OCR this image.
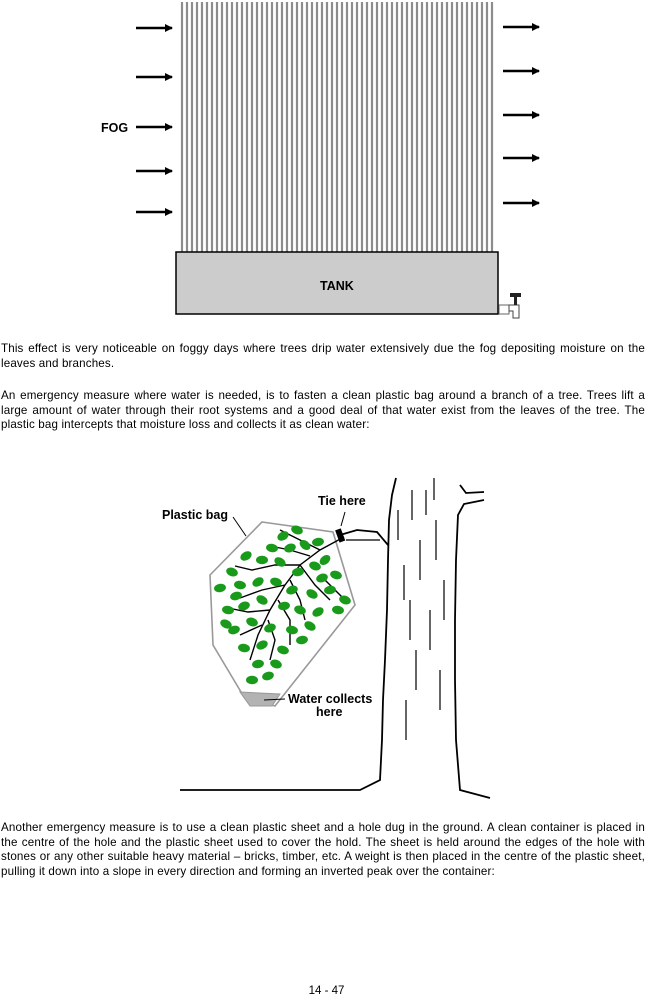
FOG
TANK

This effect is very noticeable on foggy days where trees drip water extensively due the fog depositing moisture on the leaves and branches.

An emergency measure where water is needed, is to fasten a clean plastic bag around a branch of a tree. Trees lift a large amount of water through their root systems and a good deal of that water exist from the leaves of the tree. The plastic bag intercepts that moisture loss and collects it as clean water:

Plastic bag
Tie here
Water collects
here

Another emergency measure is to use a clean plastic sheet and a hole dug in the ground. A clean container is placed in the centre of the hole and the plastic sheet used to cover the hold. The sheet is held around the edges of the hole with stones or any other suitable heavy material – bricks, timber, etc. A weight is then placed in the centre of the plastic sheet, pulling it down into a slope in every direction and forming an inverted peak over the container:

14 - 47
